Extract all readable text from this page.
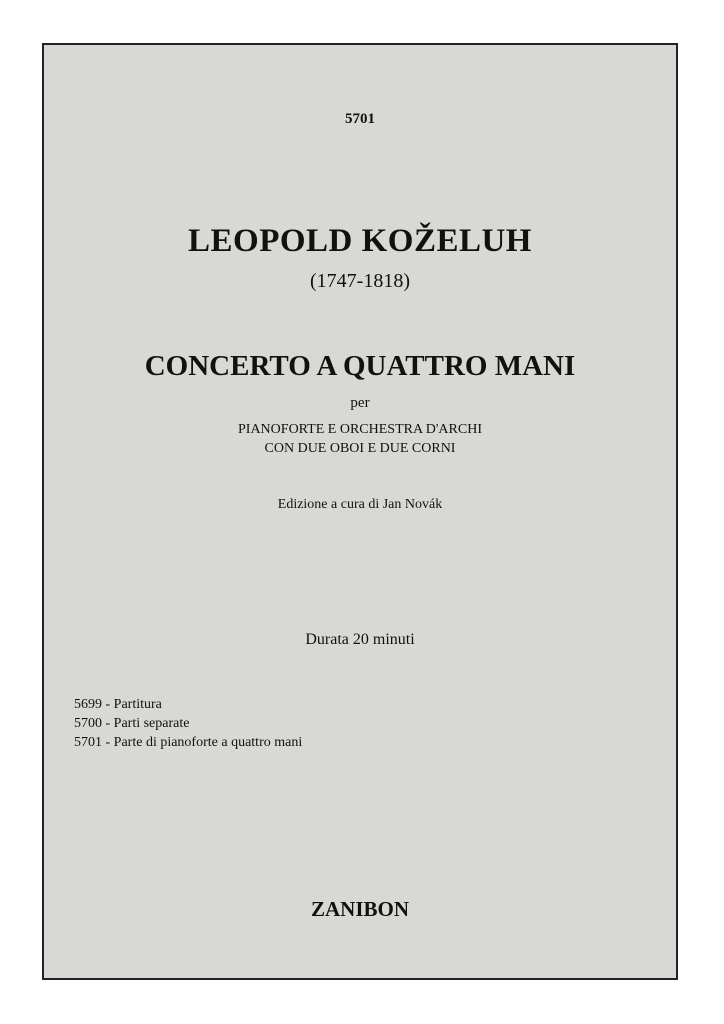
5701
LEOPOLD KOŽELUH
(1747-1818)
CONCERTO A QUATTRO MANI
per
PIANOFORTE E ORCHESTRA D'ARCHI
CON DUE OBOI E DUE CORNI
Edizione a cura di Jan Novák
Durata 20 minuti
5699 - Partitura
5700 - Parti separate
5701 - Parte di pianoforte a quattro mani
ZANIBON
